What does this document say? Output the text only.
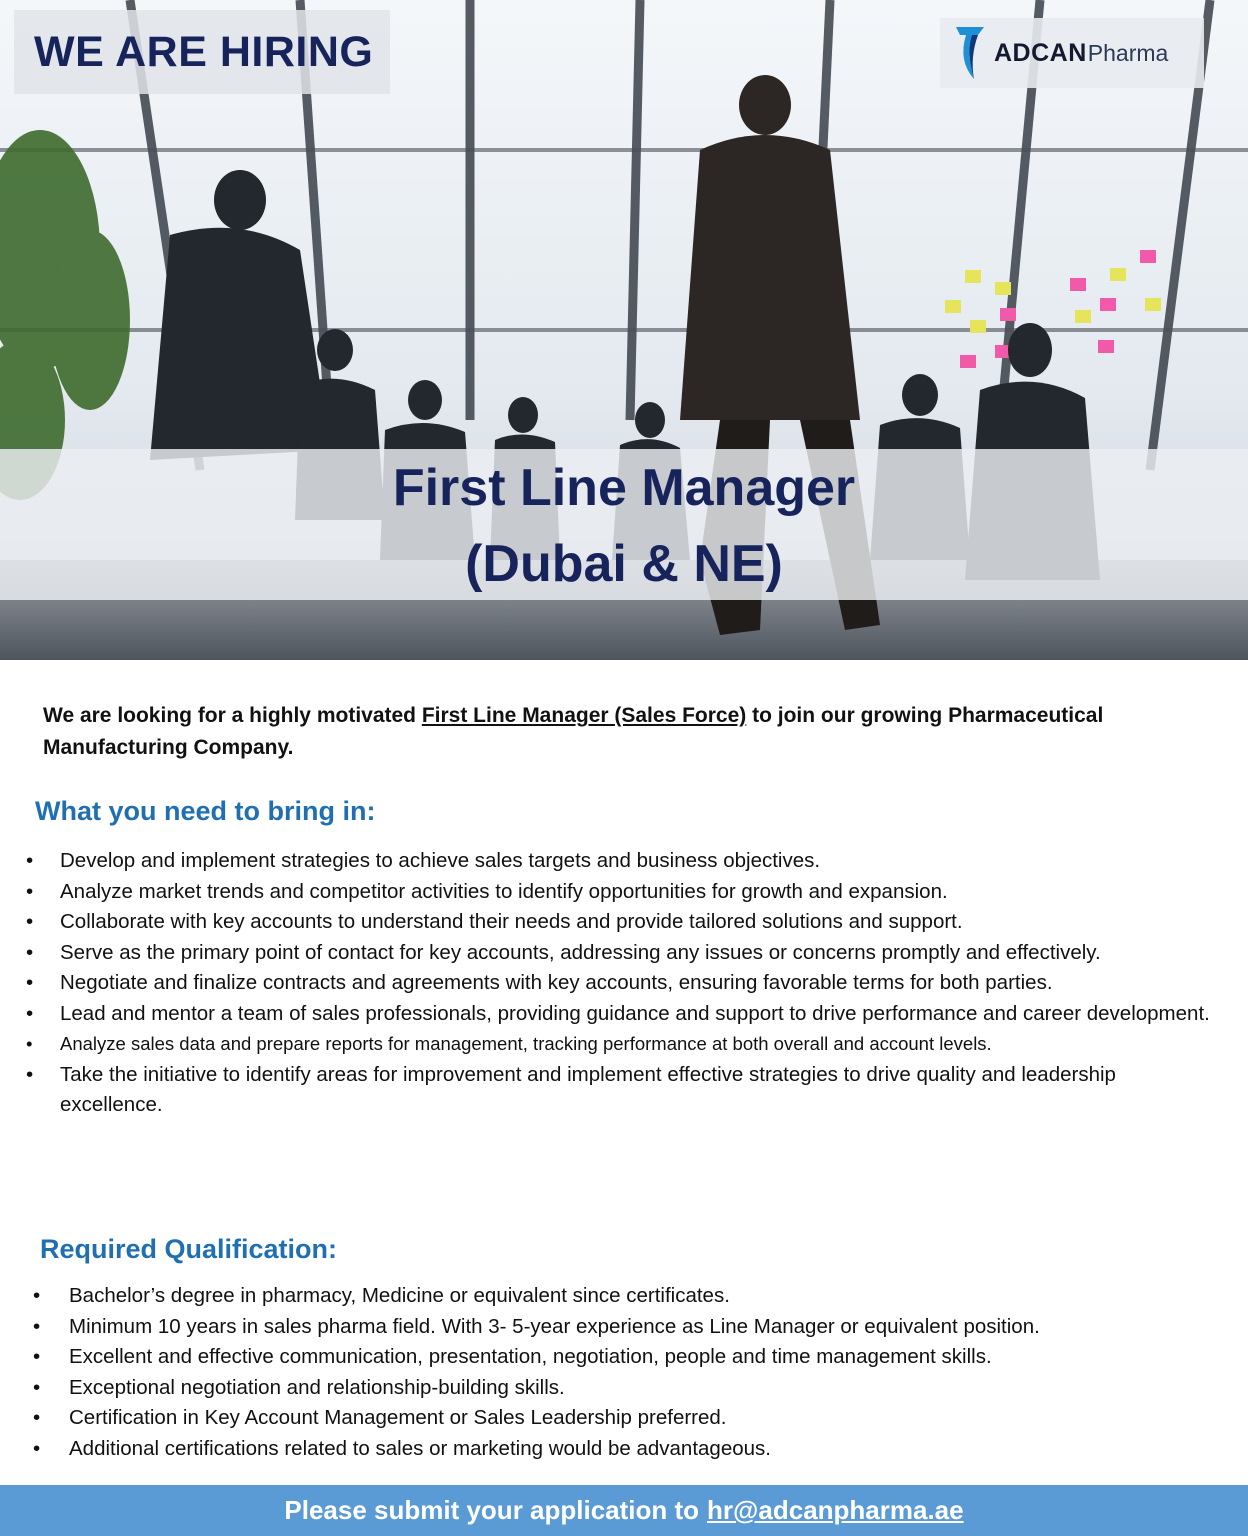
WE ARE HIRING	ADCAN Pharma
First Line Manager
(Dubai & NE)
We are looking for a highly motivated First Line Manager (Sales Force) to join our growing Pharmaceutical Manufacturing Company.
What you need to bring in:
• Develop and implement strategies to achieve sales targets and business objectives.
• Analyze market trends and competitor activities to identify opportunities for growth and expansion.
• Collaborate with key accounts to understand their needs and provide tailored solutions and support.
• Serve as the primary point of contact for key accounts, addressing any issues or concerns promptly and effectively.
• Negotiate and finalize contracts and agreements with key accounts, ensuring favorable terms for both parties.
• Lead and mentor a team of sales professionals, providing guidance and support to drive performance and career development.
• Analyze sales data and prepare reports for management, tracking performance at both overall and account levels.
• Take the initiative to identify areas for improvement and implement effective strategies to drive quality and leadership excellence.
Required Qualification:
• Bachelor’s degree in pharmacy, Medicine or equivalent since certificates.
• Minimum 10 years in sales pharma field. With 3- 5-year experience as Line Manager or equivalent position.
• Excellent and effective communication, presentation, negotiation, people and time management skills.
• Exceptional negotiation and relationship-building skills.
• Certification in Key Account Management or Sales Leadership preferred.
• Additional certifications related to sales or marketing would be advantageous.
Please submit your application to hr@adcanpharma.ae
